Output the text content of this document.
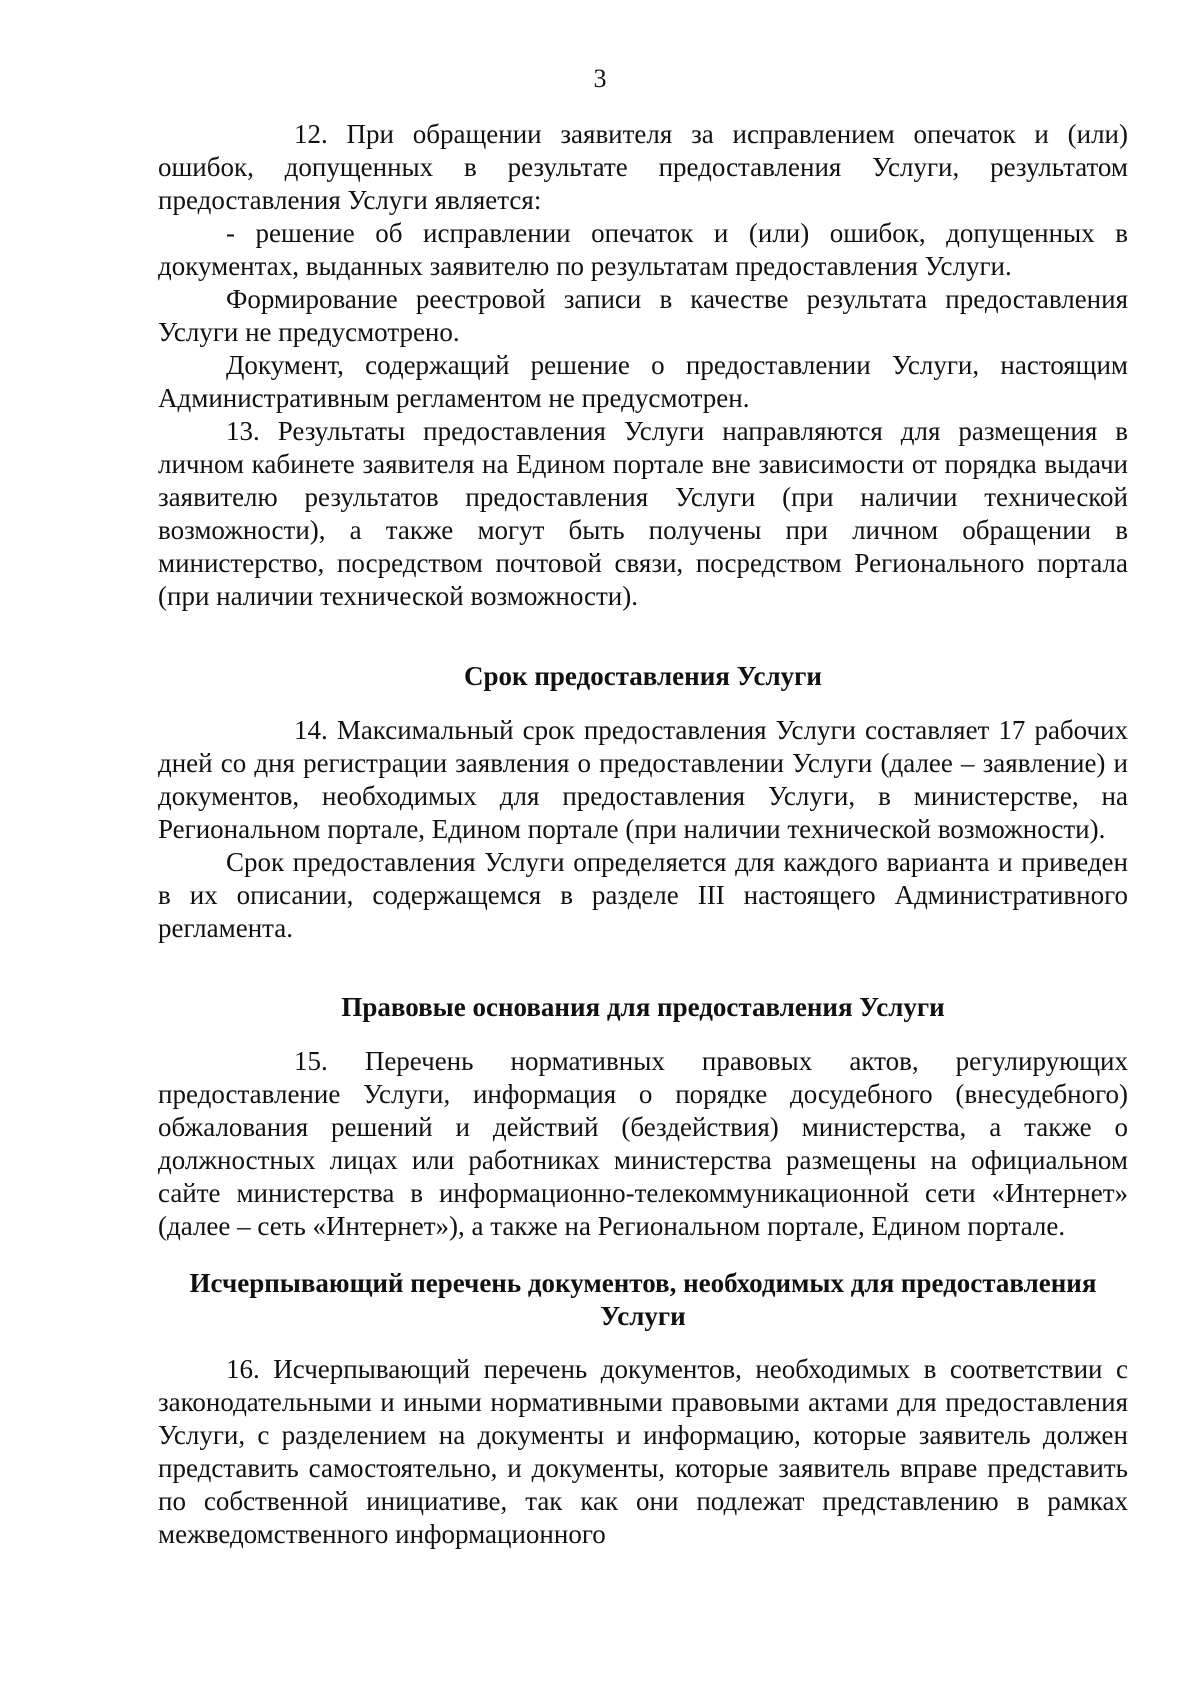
3

12. При обращении заявителя за исправлением опечаток и (или) ошибок, допущенных в результате предоставления Услуги, результатом предоставления Услуги является:

- решение об исправлении опечаток и (или) ошибок, допущенных в документах, выданных заявителю по результатам предоставления Услуги.

Формирование реестровой записи в качестве результата предоставления Услуги не предусмотрено.

Документ, содержащий решение о предоставлении Услуги, настоящим Административным регламентом не предусмотрен.

13. Результаты предоставления Услуги направляются для размещения в личном кабинете заявителя на Едином портале вне зависимости от порядка выдачи заявителю результатов предоставления Услуги (при наличии технической возможности), а также могут быть получены при личном обращении в министерство, посредством почтовой связи, посредством Регионального портала (при наличии технической возможности).

Срок предоставления Услуги

14. Максимальный срок предоставления Услуги составляет 17 рабочих дней со дня регистрации заявления о предоставлении Услуги (далее – заявление) и документов, необходимых для предоставления Услуги, в министерстве, на Региональном портале, Едином портале (при наличии технической возможности).

Срок предоставления Услуги определяется для каждого варианта и приведен в их описании, содержащемся в разделе III настоящего Административного регламента.

Правовые основания для предоставления Услуги

15. Перечень нормативных правовых актов, регулирующих предоставление Услуги, информация о порядке досудебного (внесудебного) обжалования решений и действий (бездействия) министерства, а также о должностных лицах или работниках министерства размещены на официальном сайте министерства в информационно-телекоммуникационной сети «Интернет» (далее – сеть «Интернет»), а также на Региональном портале, Едином портале.

Исчерпывающий перечень документов, необходимых для предоставления Услуги

16. Исчерпывающий перечень документов, необходимых в соответствии с законодательными и иными нормативными правовыми актами для предоставления Услуги, с разделением на документы и информацию, которые заявитель должен представить самостоятельно, и документы, которые заявитель вправе представить по собственной инициативе, так как они подлежат представлению в рамках межведомственного информационного
